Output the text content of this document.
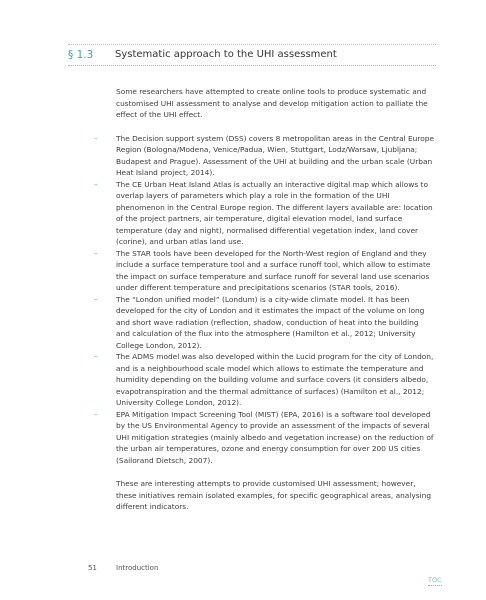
§ 1.3 Systematic approach to the UHI assessment

Some researchers have attempted to create online tools to produce systematic and customised UHI assessment to analyse and develop mitigation action to palliate the effect of the UHI effect.

– The Decision support system (DSS) covers 8 metropolitan areas in the Central Europe Region (Bologna/Modena, Venice/Padua, Wien, Stuttgart, Lodz/Warsaw, Ljubljana; Budapest and Prague). Assessment of the UHI at building and the urban scale (Urban Heat Island project, 2014).
– The CE Urban Heat Island Atlas is actually an interactive digital map which allows to overlap layers of parameters which play a role in the formation of the UHI phenomenon in the Central Europe region. The different layers available are: location of the project partners, air temperature, digital elevation model, land surface temperature (day and night), normalised differential vegetation index, land cover (corine), and urban atlas land use.
– The STAR tools have been developed for the North-West region of England and they include a surface temperature tool and a surface runoff tool, which allow to estimate the impact on surface temperature and surface runoff for several land use scenarios under different temperature and precipitations scenarios (STAR tools, 2016).
– The “London unified model” (Londum) is a city-wide climate model. It has been developed for the city of London and it estimates the impact of the volume on long and short wave radiation (reflection, shadow, conduction of heat into the building and calculation of the flux into the atmosphere (Hamilton et al., 2012; University College London, 2012).
– The ADMS model was also developed within the Lucid program for the city of London, and is a neighbourhood scale model which allows to estimate the temperature and humidity depending on the building volume and surface covers (it considers albedo, evapotranspiration and the thermal admittance of surfaces) (Hamilton et al., 2012; University College London, 2012).
– EPA Mitigation Impact Screening Tool (MIST) (EPA, 2016) is a software tool developed by the US Environmental Agency to provide an assessment of the impacts of several UHI mitigation strategies (mainly albedo and vegetation increase) on the reduction of the urban air temperatures, ozone and energy consumption for over 200 US cities (Sailorand Dietsch, 2007).

These are interesting attempts to provide customised UHI assessment; however, these initiatives remain isolated examples, for specific geographical areas, analysing different indicators.

51	Introduction
TOC
